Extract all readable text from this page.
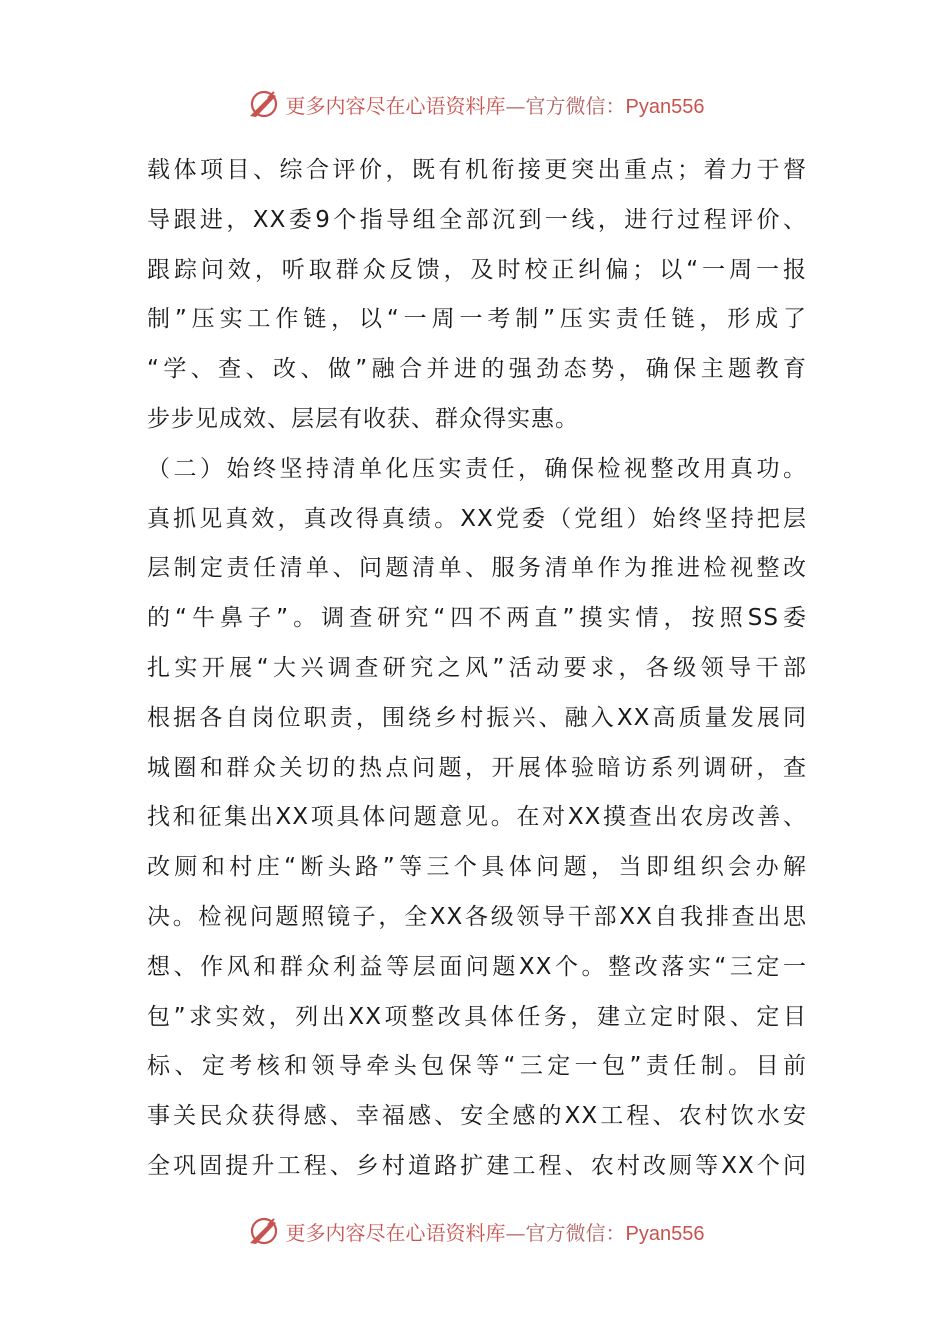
更多内容尽在心语资料库—官方微信：Pyan556
载体项目、综合评价，既有机衔接更突出重点；着力于督
导跟进，XX委9个指导组全部沉到一线，进行过程评价、
跟踪问效，听取群众反馈，及时校正纠偏；以“一周一报
制”压实工作链，以“一周一考制”压实责任链，形成了
“学、查、改、做”融合并进的强劲态势，确保主题教育
步步见成效、层层有收获、群众得实惠。
（二）始终坚持清单化压实责任，确保检视整改用真功。
真抓见真效，真改得真绩。XX党委（党组）始终坚持把层
层制定责任清单、问题清单、服务清单作为推进检视整改
的“牛鼻子”。调查研究“四不两直”摸实情，按照SS委
扎实开展“大兴调查研究之风”活动要求，各级领导干部
根据各自岗位职责，围绕乡村振兴、融入XX高质量发展同
城圈和群众关切的热点问题，开展体验暗访系列调研，查
找和征集出XX项具体问题意见。在对XX摸查出农房改善、
改厕和村庄“断头路”等三个具体问题，当即组织会办解
决。检视问题照镜子，全XX各级领导干部XX自我排查出思
想、作风和群众利益等层面问题XX个。整改落实“三定一
包”求实效，列出XX项整改具体任务，建立定时限、定目
标、定考核和领导牵头包保等“三定一包”责任制。目前
事关民众获得感、幸福感、安全感的XX工程、农村饮水安
全巩固提升工程、乡村道路扩建工程、农村改厕等XX个问
更多内容尽在心语资料库—官方微信：Pyan556
